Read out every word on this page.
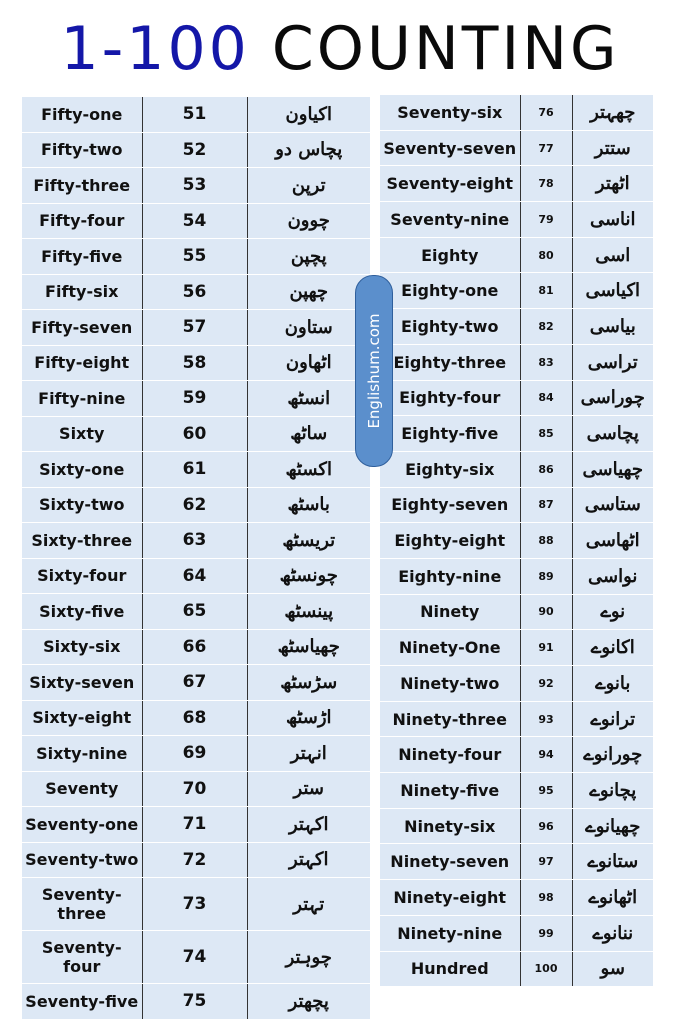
1-100 COUNTING
Fifty-one	51	اکیاون
Fifty-two	52	پچاس دو
Fifty-three	53	ترپن
Fifty-four	54	چوون
Fifty-five	55	پچپن
Fifty-six	56	چھپن
Fifty-seven	57	ستاون
Fifty-eight	58	اٹھاون
Fifty-nine	59	انسٹھ
Sixty	60	ساٹھ
Sixty-one	61	اکسٹھ
Sixty-two	62	باسٹھ
Sixty-three	63	تریسٹھ
Sixty-four	64	چونسٹھ
Sixty-five	65	پینسٹھ
Sixty-six	66	چھیاسٹھ
Sixty-seven	67	سڑسٹھ
Sixty-eight	68	اڑسٹھ
Sixty-nine	69	انہتر
Seventy	70	ستر
Seventy-one	71	اکہتر
Seventy-two	72	اکہتر
Seventy-three	73	تہتر
Seventy-four	74	چوہتر
Seventy-five	75	پچھتر
Seventy-six	76	چھہتر
Seventy-seven	77	ستتر
Seventy-eight	78	اٹھتر
Seventy-nine	79	اناسی
Eighty	80	اسی
Eighty-one	81	اکیاسی
Eighty-two	82	بیاسی
Eighty-three	83	تراسی
Eighty-four	84	چوراسی
Eighty-five	85	پچاسی
Eighty-six	86	چھیاسی
Eighty-seven	87	ستاسی
Eighty-eight	88	اٹھاسی
Eighty-nine	89	نواسی
Ninety	90	نوے
Ninety-One	91	اکانوے
Ninety-two	92	بانوے
Ninety-three	93	ترانوے
Ninety-four	94	چورانوے
Ninety-five	95	پچانوے
Ninety-six	96	چھیانوے
Ninety-seven	97	ستانوے
Ninety-eight	98	اٹھانوے
Ninety-nine	99	ننانوے
Hundred	100	سو
Englishum.com
